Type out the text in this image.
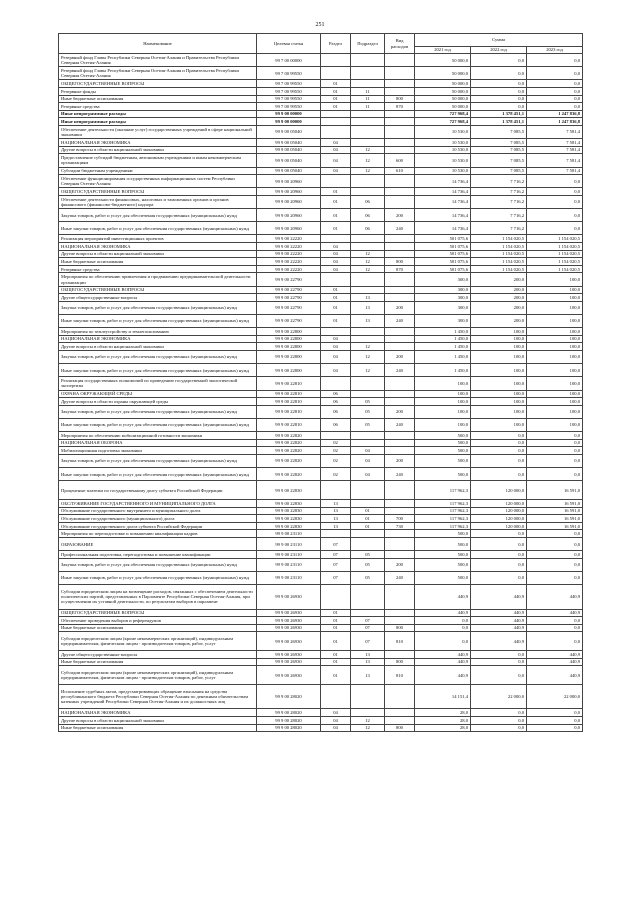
251
Наименование	Целевая статья	Раздел	Подраздел	Вид расходов	Сумма		
					2021 год	2022 год	2023 год
Резервный фонд Главы Республики Северная Осетия-Алания и Правительства Республики Северная Осетия-Алания	99 7 00 00000				50 000,0	0,0	0,0
Резервный фонд Главы Республики Северная Осетия-Алания и Правительства Республики Северная Осетия-Алания	99 7 00 99550				50 000,0	0,0	0,0
ОБЩЕГОСУДАРСТВЕННЫЕ ВОПРОСЫ	99 7 00 99550	01			50 000,0	0,0	0,0
Резервные фонды	99 7 00 99550	01	11		50 000,0	0,0	0,0
Иные бюджетные ассигнования	99 7 00 99550	01	11	800	50 000,0	0,0	0,0
Резервные средства	99 7 00 99550	01	11	870	50 000,0	0,0	0,0
Иные непрограммные расходы	99 9 00 00000				727 968,4	1 378 451,1	1 247 836,8
Иные непрограммные расходы	99 9 00 00000				727 968,4	1 378 451,1	1 247 836,8
Обеспечение деятельности (оказание услуг) государственных учреждений в сфере национальной экономики	99 9 00 05040				10 530,0	7 085,5	7 581,4
НАЦИОНАЛЬНАЯ ЭКОНОМИКА	99 9 00 05040	04			10 530,0	7 085,5	7 581,4
Другие вопросы в области национальной экономики	99 9 00 05040	04	12		10 530,0	7 085,5	7 581,4
Предоставление субсидий бюджетным, автономным учреждениям и иным некоммерческим организациям	99 9 00 05040	04	12	600	10 530,0	7 085,5	7 581,4
Субсидии бюджетным учреждениям	99 9 00 05040	04	12	610	10 530,0	7 085,5	7 581,4
Обеспечение функционирования государственных информационных систем Республики Северная Осетия-Алания	99 9 00 20960				14 736,4	7 716,2	0,0
ОБЩЕГОСУДАРСТВЕННЫЕ ВОПРОСЫ	99 9 00 20960	01			14 736,4	7 716,2	0,0
Обеспечение деятельности финансовых, налоговых и таможенных органов и органов финансового (финансово-бюджетного) надзора	99 9 00 20960	01	06		14 736,4	7 716,2	0,0
Закупка товаров, работ и услуг для обеспечения государственных (муниципальных) нужд	99 9 00 20960	01	06	200	14 736,4	7 716,2	0,0
Иные закупки товаров, работ и услуг для обеспечения государственных (муниципальных) нужд	99 9 00 20960	01	06	240	14 736,4	7 716,2	0,0
Реализация мероприятий инвестиционных проектов	99 9 00 22220				501 075,6	1 154 020,5	1 154 020,5
НАЦИОНАЛЬНАЯ ЭКОНОМИКА	99 9 00 22220	04			501 075,6	1 154 020,5	1 154 020,5
Другие вопросы в области национальной экономики	99 9 00 22220	04	12		501 075,6	1 154 020,5	1 154 020,5
Иные бюджетные ассигнования	99 9 00 22220	04	12	800	501 075,6	1 154 020,5	1 154 020,5
Резервные средства	99 9 00 22220	04	12	870	501 075,6	1 154 020,5	1 154 020,5
Мероприятия по обеспечению привлечения и продвижению предпринимательской деятельности организации	99 9 00 22790				300,0	200,0	100,0
ОБЩЕГОСУДАРСТВЕННЫЕ ВОПРОСЫ	99 9 00 22790	01			300,0	200,0	100,0
Другие общегосударственные вопросы	99 9 00 22790	01	13		300,0	200,0	100,0
Закупка товаров, работ и услуг для обеспечения государственных (муниципальных) нужд	99 9 00 22790	01	13	200	300,0	200,0	100,0
Иные закупки товаров, работ и услуг для обеспечения государственных (муниципальных) нужд	99 9 00 22790	01	13	240	300,0	200,0	100,0
Мероприятия по землеустройству и землепользованию	99 9 00 22800				1 450,0	100,0	100,0
НАЦИОНАЛЬНАЯ ЭКОНОМИКА	99 9 00 22800	04			1 450,0	100,0	100,0
Другие вопросы в области национальной экономики	99 9 00 22800	04	12		1 450,0	100,0	100,0
Закупка товаров, работ и услуг для обеспечения государственных (муниципальных) нужд	99 9 00 22800	04	12	200	1 450,0	100,0	100,0
Иные закупки товаров, работ и услуг для обеспечения государственных (муниципальных) нужд	99 9 00 22800	04	12	240	1 450,0	100,0	100,0
Реализация государственных полномочий по проведению государственной экологической экспертизы	99 9 00 22810				100,0	100,0	100,0
ОХРАНА ОКРУЖАЮЩЕЙ СРЕДЫ	99 9 00 22810	06			100,0	100,0	100,0
Другие вопросы в области охраны окружающей среды	99 9 00 22810	06	05		100,0	100,0	100,0
Закупка товаров, работ и услуг для обеспечения государственных (муниципальных) нужд	99 9 00 22810	06	05	200	100,0	100,0	100,0
Иные закупки товаров, работ и услуг для обеспечения государственных (муниципальных) нужд	99 9 00 22810	06	05	240	100,0	100,0	100,0
Мероприятия по обеспечению мобилизационной готовности экономики	99 9 00 22820				500,0	0,0	0,0
НАЦИОНАЛЬНАЯ ОБОРОНА	99 9 00 22820	02			500,0	0,0	0,0
Мобилизационная подготовка экономики	99 9 00 22820	02	04		500,0	0,0	0,0
Закупка товаров, работ и услуг для обеспечения государственных (муниципальных) нужд	99 9 00 22820	02	04	200	500,0	0,0	0,0
Иные закупки товаров, работ и услуг для обеспечения государственных (муниципальных) нужд	99 9 00 22820	02	04	240	500,0	0,0	0,0
Процентные платежи по государственному долгу субъекта Российской Федерации	99 9 00 22830				117 962,3	120 000,0	16 591,0
ОБСЛУЖИВАНИЕ ГОСУДАРСТВЕННОГО И МУНИЦИПАЛЬНОГО ДОЛГА	99 9 00 22830	13			117 962,3	120 000,0	16 591,0
Обслуживание государственного внутреннего и муниципального долга	99 9 00 22830	13	01		117 962,3	120 000,0	16 591,0
Обслуживание государственного (муниципального) долга	99 9 00 22830	13	01	700	117 962,3	120 000,0	16 591,0
Обслуживание государственного долга субъекта Российской Федерации	99 9 00 22830	13	01	730	117 962,3	120 000,0	16 591,0
Мероприятия по переподготовке и повышению квалификации кадров	99 9 00 23110				500,0	0,0	0,0
ОБРАЗОВАНИЕ	99 9 00 23110	07			500,0	0,0	0,0
Профессиональная подготовка, переподготовка и повышение квалификации	99 9 00 23110	07	05		500,0	0,0	0,0
Закупка товаров, работ и услуг для обеспечения государственных (муниципальных) нужд	99 9 00 23110	07	05	200	500,0	0,0	0,0
Иные закупки товаров, работ и услуг для обеспечения государственных (муниципальных) нужд	99 9 00 23110	07	05	240	500,0	0,0	0,0
Субсидии юридическим лицам на возмещение расходов, связанных с обеспечением деятельности политических партий, представленных в Парламенте Республики Северная Осетия-Алания, при осуществлении их уставной деятельности, по результатам выборов в парламент	99 9 00 26930				440,9	440,9	440,9
ОБЩЕГОСУДАРСТВЕННЫЕ ВОПРОСЫ	99 9 00 26930	01			440,9	440,9	440,9
Обеспечение проведения выборов и референдумов	99 9 00 26930	01	07		0,0	440,9	0,0
Иные бюджетные ассигнования	99 9 00 26930	01	07	800	0,0	440,9	0,0
Субсидии юридическим лицам (кроме некоммерческих организаций), индивидуальным предпринимателям, физическим лицам - производителям товаров, работ, услуг	99 9 00 26930	01	07	810	0,0	440,9	0,0
Другие общегосударственные вопросы	99 9 00 26930	01	13		440,9	0,0	440,9
Иные бюджетные ассигнования	99 9 00 26930	01	13	800	440,9	0,0	440,9
Субсидии юридическим лицам (кроме некоммерческих организаций), индивидуальным предпринимателям, физическим лицам - производителям товаров, работ, услуг	99 9 00 26930	01	13	810	440,9	0,0	440,9
Исполнение судебных актов, предусматривающих обращение взыскания на средства республиканского бюджета Республики Северная Осетия-Алания по денежным обязательствам казенных учреждений Республики Северная Осетия-Алания и их должностных лиц	99 9 00 28020				14 151,4	22 000,0	22 000,0
НАЦИОНАЛЬНАЯ ЭКОНОМИКА	99 9 00 28020	04			28,0	0,0	0,0
Другие вопросы в области национальной экономики	99 9 00 28020	04	12		28,0	0,0	0,0
Иные бюджетные ассигнования	99 9 00 28020	04	12	800	28,0	0,0	0,0
